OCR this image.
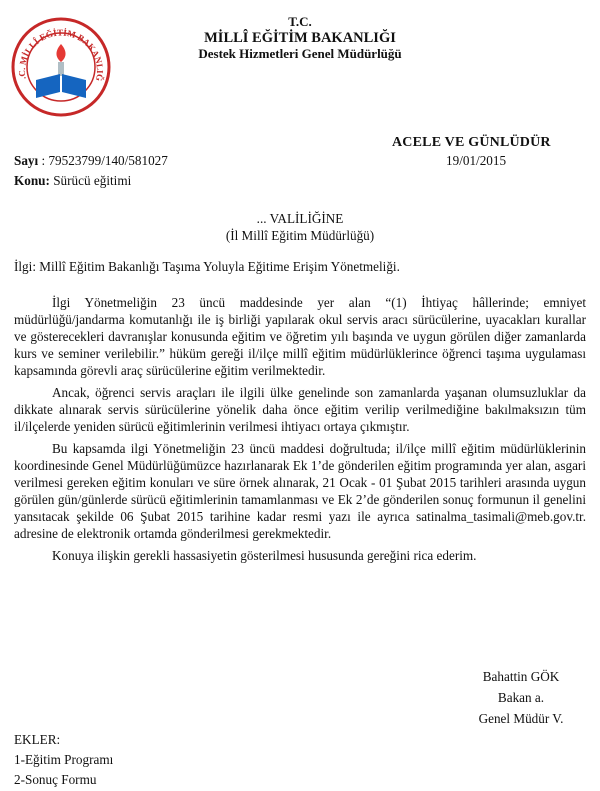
.C. MİLLÎ EĞİTİM BAKANLIĞ
T.C.
MİLLÎ EĞİTİM BAKANLIĞI
Destek Hizmetleri Genel Müdürlüğü
ACELE VE GÜNLÜDÜR
Sayı : 79523799/140/581027	19/01/2015
Konu: Sürücü eğitimi
... VALİLİĞİNE
(İl Millî Eğitim Müdürlüğü)
İlgi: Millî Eğitim Bakanlığı Taşıma Yoluyla Eğitime Erişim Yönetmeliği.

İlgi Yönetmeliğin 23 üncü maddesinde yer alan “(1) İhtiyaç hâllerinde; emniyet müdürlüğü/jandarma komutanlığı ile iş birliği yapılarak okul servis aracı sürücülerine, uyacakları kurallar ve gösterecekleri davranışlar konusunda eğitim ve öğretim yılı başında ve uygun görülen diğer zamanlarda kurs ve seminer verilebilir.” hüküm gereği il/ilçe millî eğitim müdürlüklerince öğrenci taşıma uygulaması kapsamında görevli araç sürücülerine eğitim verilmektedir.

Ancak, öğrenci servis araçları ile ilgili ülke genelinde son zamanlarda yaşanan olumsuzluklar da dikkate alınarak servis sürücülerine yönelik daha önce eğitim verilip verilmediğine bakılmaksızın tüm il/ilçelerde yeniden sürücü eğitimlerinin verilmesi ihtiyacı ortaya çıkmıştır.

Bu kapsamda ilgi Yönetmeliğin 23 üncü maddesi doğrultuda; il/ilçe millî eğitim müdürlüklerinin koordinesinde Genel Müdürlüğümüzce hazırlanarak Ek 1’de gönderilen eğitim programında yer alan, asgari verilmesi gereken eğitim konuları ve süre örnek alınarak, 21 Ocak - 01 Şubat 2015 tarihleri arasında uygun görülen gün/günlerde sürücü eğitimlerinin tamamlanması ve Ek 2’de gönderilen sonuç formunun il genelini yansıtacak şekilde 06 Şubat 2015 tarihine kadar resmi yazı ile ayrıca satinalma_tasimali@meb.gov.tr. adresine de elektronik ortamda gönderilmesi gerekmektedir.

Konuya ilişkin gerekli hassasiyetin gösterilmesi hususunda gereğini rica ederim.

Bahattin GÖK
Bakan a.
Genel Müdür V.
EKLER:
1-Eğitim Programı
2-Sonuç Formu
